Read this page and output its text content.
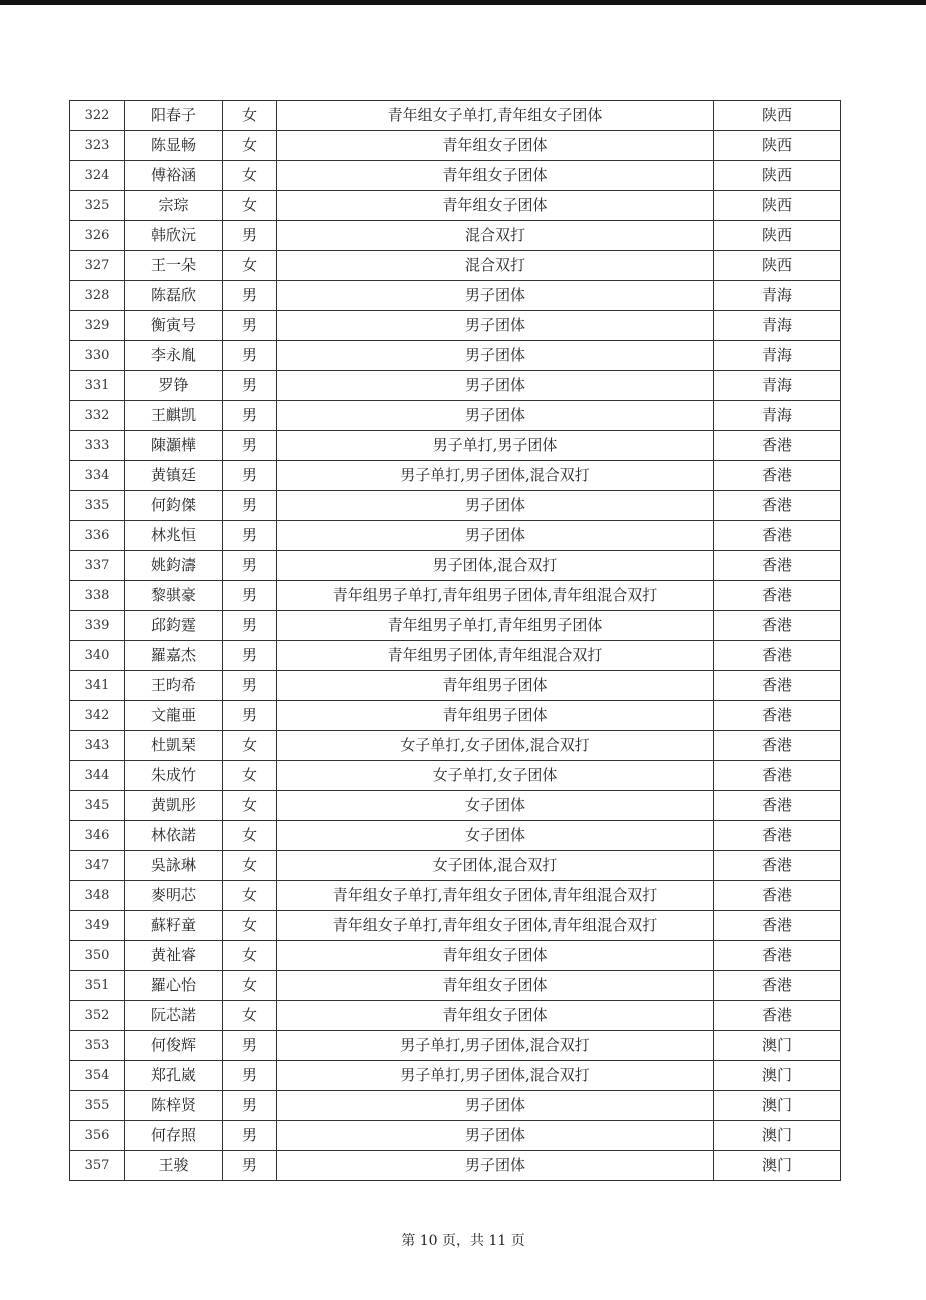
322	阳春子	女	青年组女子单打,青年组女子团体	陕西
323	陈显畅	女	青年组女子团体	陕西
324	傅裕涵	女	青年组女子团体	陕西
325	宗琮	女	青年组女子团体	陕西
326	韩欣沅	男	混合双打	陕西
327	王一朵	女	混合双打	陕西
328	陈磊欣	男	男子团体	青海
329	衡寅号	男	男子团体	青海
330	李永胤	男	男子团体	青海
331	罗铮	男	男子团体	青海
332	王麒凯	男	男子团体	青海
333	陳灝樺	男	男子单打,男子团体	香港
334	黄镇廷	男	男子单打,男子团体,混合双打	香港
335	何鈞傑	男	男子团体	香港
336	林兆恒	男	男子团体	香港
337	姚鈞濤	男	男子团体,混合双打	香港
338	黎骐豪	男	青年组男子单打,青年组男子团体,青年组混合双打	香港
339	邱鈞霆	男	青年组男子单打,青年组男子团体	香港
340	羅嘉杰	男	青年组男子团体,青年组混合双打	香港
341	王昀希	男	青年组男子团体	香港
342	文龍亜	男	青年组男子团体	香港
343	杜凱琹	女	女子单打,女子团体,混合双打	香港
344	朱成竹	女	女子单打,女子团体	香港
345	黄凱彤	女	女子团体	香港
346	林依諾	女	女子团体	香港
347	吳詠琳	女	女子团体,混合双打	香港
348	麥明芯	女	青年组女子单打,青年组女子团体,青年组混合双打	香港
349	蘇籽童	女	青年组女子单打,青年组女子团体,青年组混合双打	香港
350	黄祉睿	女	青年组女子团体	香港
351	羅心怡	女	青年组女子团体	香港
352	阮芯諾	女	青年组女子团体	香港
353	何俊辉	男	男子单打,男子团体,混合双打	澳门
354	郑孔崴	男	男子单打,男子团体,混合双打	澳门
355	陈梓贤	男	男子团体	澳门
356	何存照	男	男子团体	澳门
357	王骏	男	男子团体	澳门
第 10 页，共 11 页
